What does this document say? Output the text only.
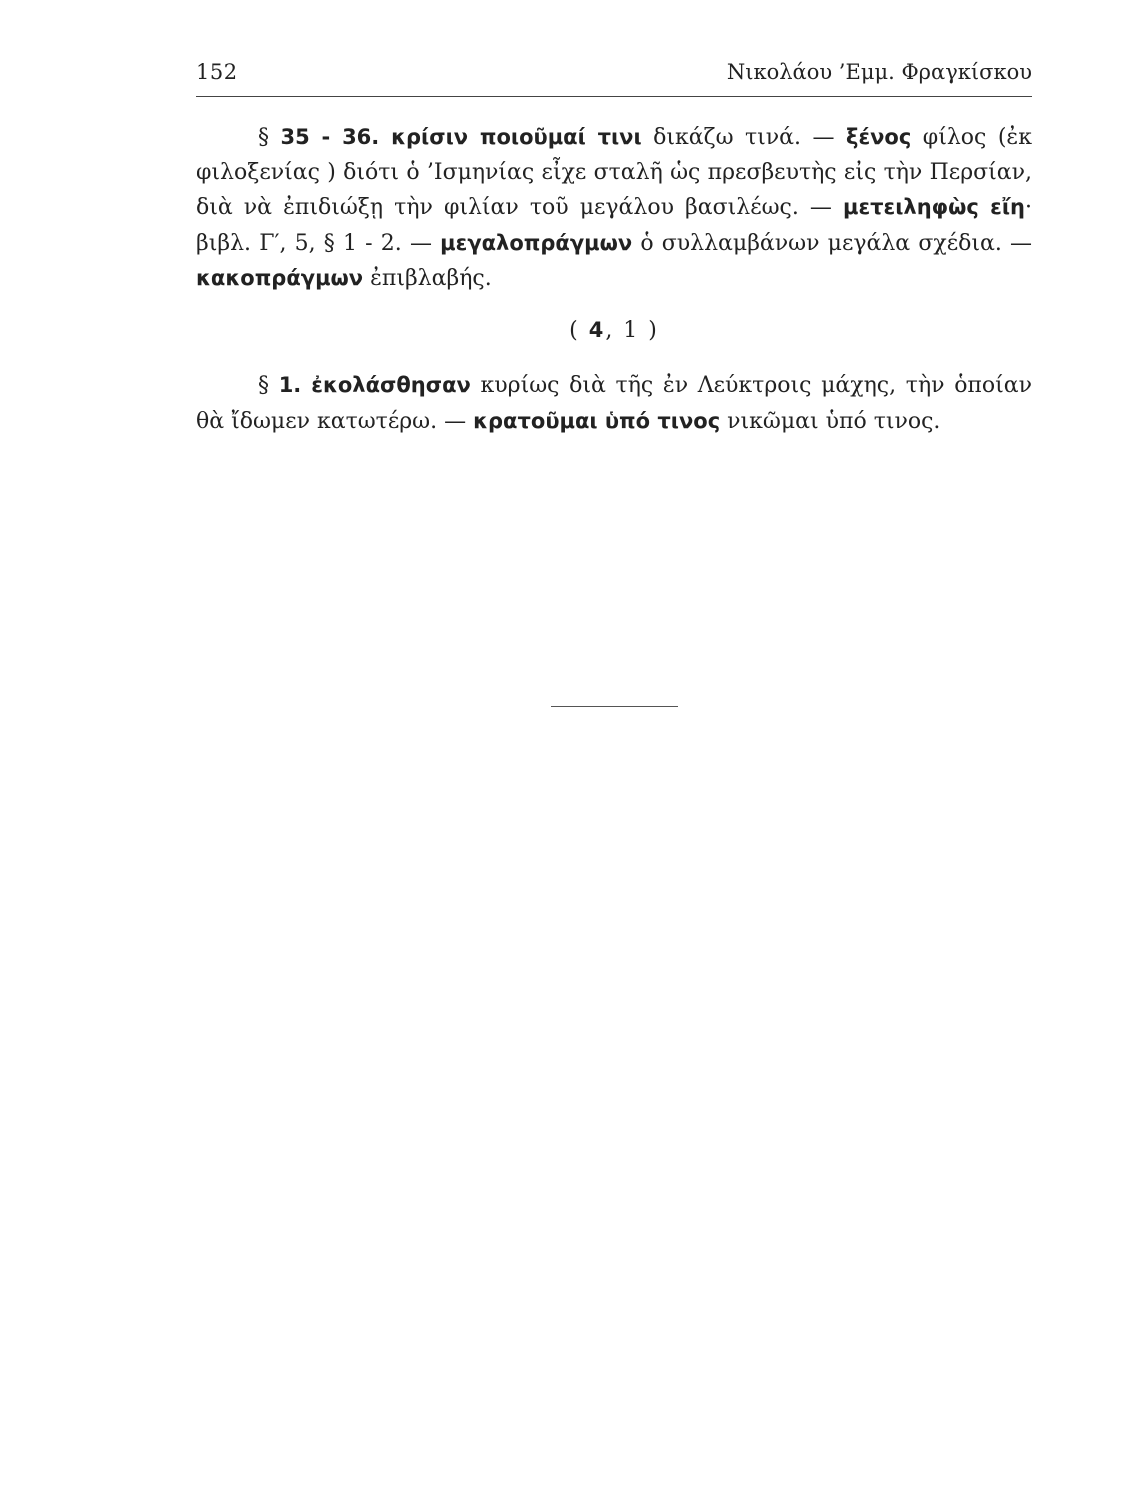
152	Νικολάου ’Εμμ. Φραγκίσκου

§ 35 - 36. κρίσιν ποιοῦμαί τινι δικάζω τινά. — ξένος φίλος (ἐκ φιλοξενίας ) διότι ὁ ’Ισμηνίας εἶχε σταλῆ ὡς πρεσβευτὴς εἰς τὴν Περσίαν, διὰ νὰ ἐπιδιώξῃ τὴν φιλίαν τοῦ μεγάλου βασιλέως. — μετειληφὼς εἴη· βιβλ. Γ′, 5, § 1 - 2. — μεγαλοπράγμων ὁ συλλαμβάνων μεγάλα σχέδια. — κακοπράγμων ἐπιβλαβής.

( 4, 1 )

§ 1. ἐκολάσθησαν κυρίως διὰ τῆς ἐν Λεύκτροις μάχης, τὴν ὁποίαν θὰ ἴδωμεν κατωτέρω. — κρατοῦμαι ὑπό τινος νικῶμαι ὑπό τινος.
